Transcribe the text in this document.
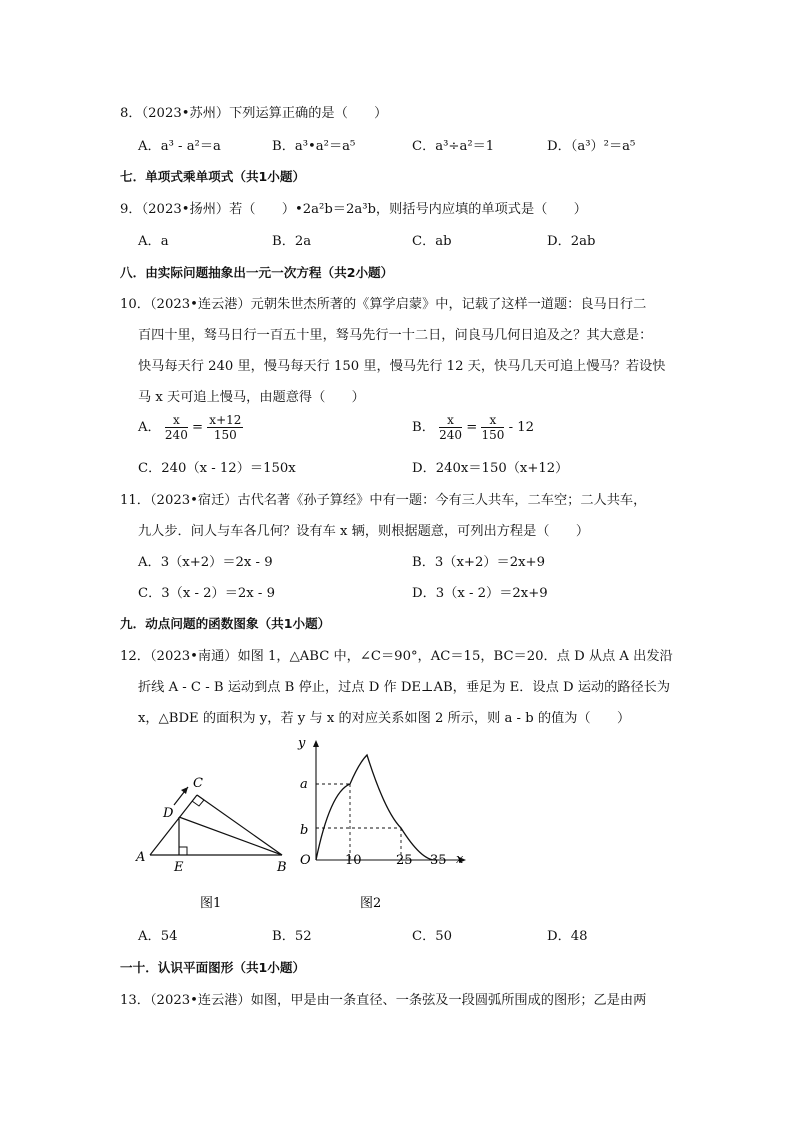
8．（2023•苏州）下列运算正确的是（　　）
A．a³ - a²＝a	B．a³•a²＝a⁵	C．a³÷a²＝1	D．（a³）²＝a⁵
七．单项式乘单项式（共1小题）
9．（2023•扬州）若（　　）•2a²b＝2a³b，则括号内应填的单项式是（　　）
A．a	B．2a	C．ab	D．2ab
八．由实际问题抽象出一元一次方程（共2小题）
10．（2023•连云港）元朝朱世杰所著的《算学启蒙》中，记载了这样一道题：良马日行二
百四十里，驽马日行一百五十里，驽马先行一十二日，问良马几何日追及之？其大意是：
快马每天行 240 里，慢马每天行 150 里，慢马先行 12 天，快马几天可追上慢马？若设快
马 x 天可追上慢马，由题意得（　　）
A． $\frac{x}{240} = \frac{x+12}{150}$	B． $\frac{x}{240} = \frac{x}{150} - 12$
C．240（x - 12）＝150x	D．240x＝150（x+12）
11．（2023•宿迁）古代名著《孙子算经》中有一题：今有三人共车，二车空；二人共车，
九人步．问人与车各几何？设有车 x 辆，则根据题意，可列出方程是（　　）
A．3（x+2）＝2x - 9	B．3（x+2）＝2x+9
C．3（x - 2）＝2x - 9	D．3（x - 2）＝2x+9
九．动点问题的函数图象（共1小题）
12．（2023•南通）如图 1，△ABC 中，∠C＝90°，AC＝15，BC＝20．点 D 从点 A 出发沿
折线 A - C - B 运动到点 B 停止，过点 D 作 DE⊥AB，垂足为 E．设点 D 运动的路径长为
x，△BDE 的面积为 y，若 y 与 x 的对应关系如图 2 所示，则 a - b 的值为（　　）
A
B
C
D
E
图1
y
x
a
b
O	10	25 35
图2
A．54	B．52	C．50	D．48
一十．认识平面图形（共1小题）
13．（2023•连云港）如图，甲是由一条直径、一条弦及一段圆弧所围成的图形；乙是由两
